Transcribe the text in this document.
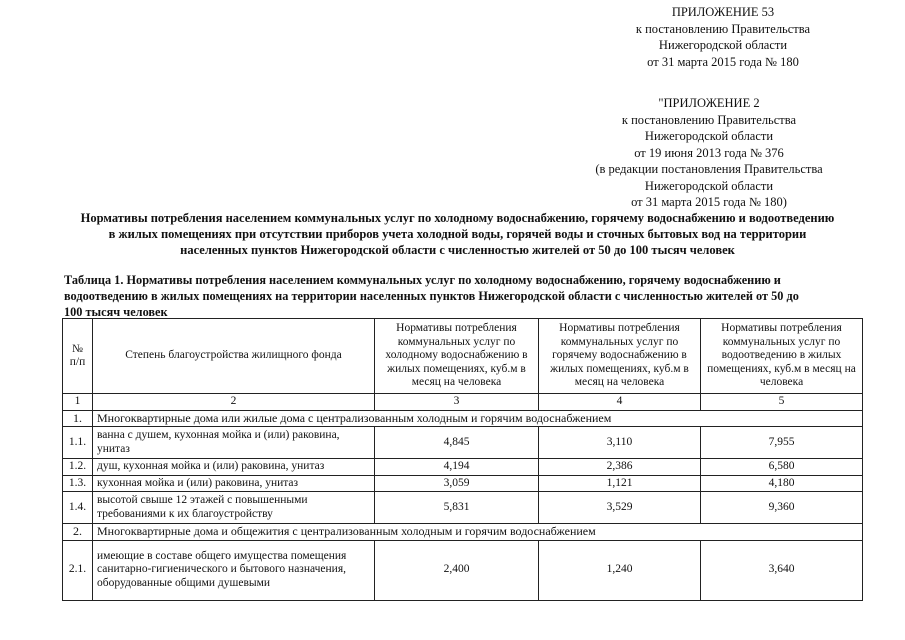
ПРИЛОЖЕНИЕ 53
к постановлению Правительства
Нижегородской области
от 31 марта 2015 года № 180
"ПРИЛОЖЕНИЕ 2
к постановлению Правительства
Нижегородской области
от 19 июня 2013 года № 376
(в редакции постановления Правительства
Нижегородской области
от 31 марта 2015 года № 180)
Нормативы потребления населением коммунальных услуг по холодному водоснабжению, горячему водоснабжению и водоотведению
в жилых помещениях при отсутствии приборов учета холодной воды, горячей воды и сточных бытовых вод на территории
населенных пунктов Нижегородской области с численностью жителей от 50 до 100 тысяч человек
Таблица 1. Нормативы потребления населением коммунальных услуг по холодному водоснабжению, горячему водоснабжению и
водоотведению в жилых помещениях на территории населенных пунктов Нижегородской области с численностью жителей от 50 до
100 тысяч человек
№ п/п	Степень благоустройства жилищного фонда	Нормативы потребления коммунальных услуг по холодному водоснабжению в жилых помещениях, куб.м в месяц на человека	Нормативы потребления коммунальных услуг по горячему водоснабжению в жилых помещениях, куб.м в месяц на человека	Нормативы потребления коммунальных услуг по водоотведению в жилых помещениях, куб.м в месяц на человека
1	2	3	4	5
1.	Многоквартирные дома или жилые дома с централизованным холодным и горячим водоснабжением			
1.1.	ванна с душем, кухонная мойка и (или) раковина, унитаз	4,845	3,110	7,955
1.2.	душ, кухонная мойка и (или) раковина, унитаз	4,194	2,386	6,580
1.3.	кухонная мойка и (или) раковина, унитаз	3,059	1,121	4,180
1.4.	высотой свыше 12 этажей с повышенными требованиями к их благоустройству	5,831	3,529	9,360
2.	Многоквартирные дома и общежития с централизованным холодным и горячим водоснабжением			
2.1.	имеющие в составе общего имущества помещения санитарно-гигиенического и бытового назначения, оборудованные общими душевыми	2,400	1,240	3,640
